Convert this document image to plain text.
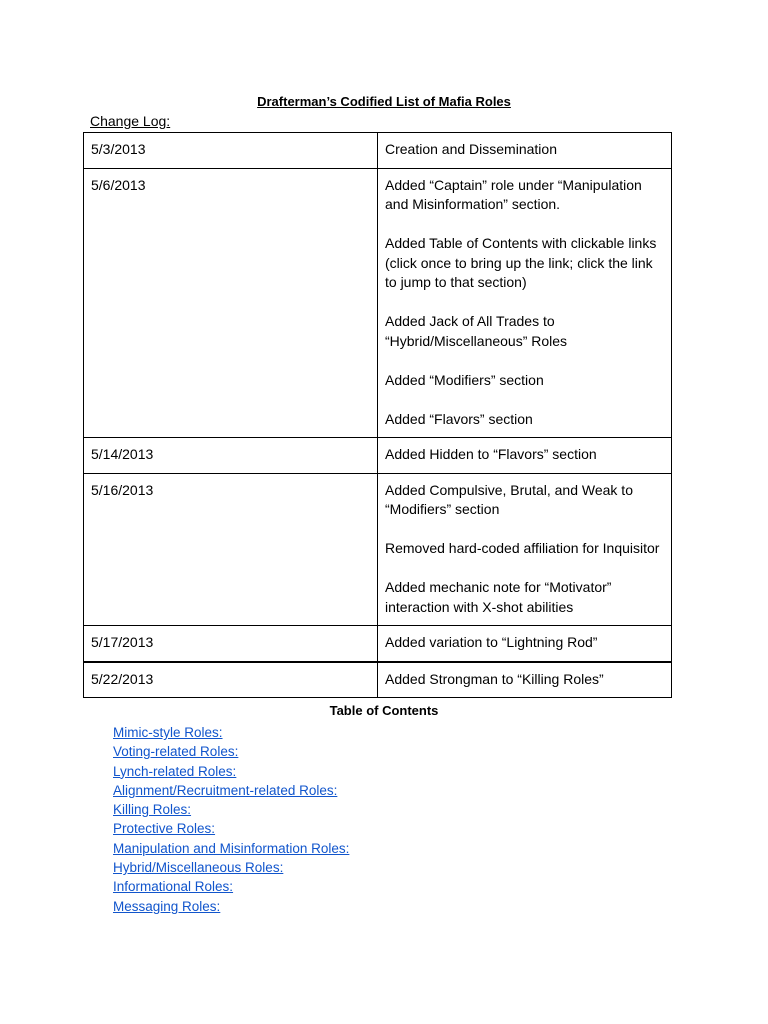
Drafterman’s Codified List of Mafia Roles

Change Log:

5/3/2013	Creation and Dissemination

5/6/2013	Added “Captain” role under “Manipulation and Misinformation” section.

Added Table of Contents with clickable links (click once to bring up the link; click the link to jump to that section)

Added Jack of All Trades to “Hybrid/Miscellaneous” Roles

Added “Modifiers” section

Added “Flavors” section

5/14/2013	Added Hidden to “Flavors” section

5/16/2013	Added Compulsive, Brutal, and Weak to “Modifiers” section

Removed hard-coded affiliation for Inquisitor

Added mechanic note for “Motivator” interaction with X-shot abilities

5/17/2013	Added variation to “Lightning Rod”

5/22/2013	Added Strongman to “Killing Roles”

Table of Contents

Mimic-style Roles:
Voting-related Roles:
Lynch-related Roles:
Alignment/Recruitment-related Roles:
Killing Roles:
Protective Roles:
Manipulation and Misinformation Roles:
Hybrid/Miscellaneous Roles:
Informational Roles:
Messaging Roles:
